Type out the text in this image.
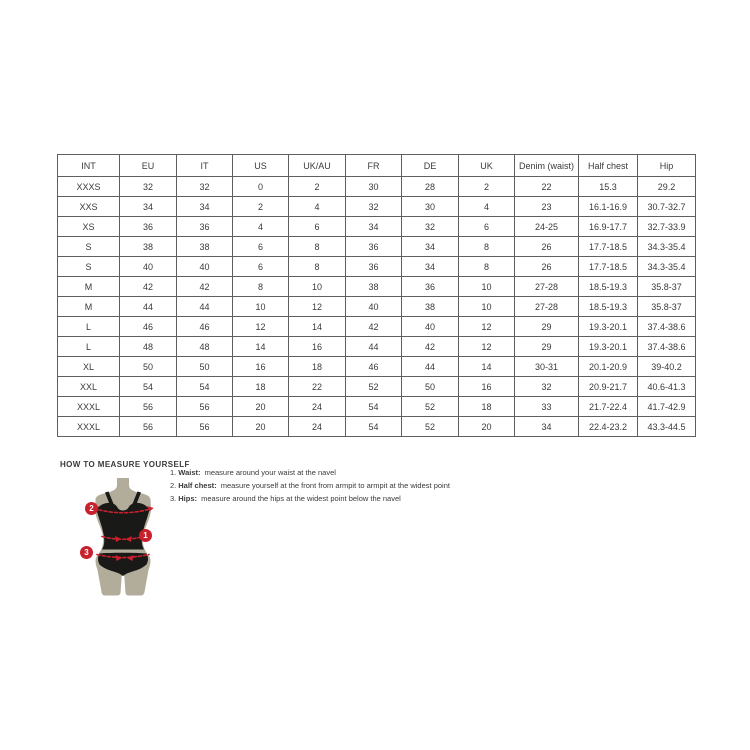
INT	EU	IT	US	UK/AU	FR	DE	UK	Denim (waist)	Half chest	Hip
XXXS	32	32	0	2	30	28	2	22	15.3	29.2
XXS	34	34	2	4	32	30	4	23	16.1-16.9	30.7-32.7
XS	36	36	4	6	34	32	6	24-25	16.9-17.7	32.7-33.9
S	38	38	6	8	36	34	8	26	17.7-18.5	34.3-35.4
S	40	40	6	8	36	34	8	26	17.7-18.5	34.3-35.4
M	42	42	8	10	38	36	10	27-28	18.5-19.3	35.8-37
M	44	44	10	12	40	38	10	27-28	18.5-19.3	35.8-37
L	46	46	12	14	42	40	12	29	19.3-20.1	37.4-38.6
L	48	48	14	16	44	42	12	29	19.3-20.1	37.4-38.6
XL	50	50	16	18	46	44	14	30-31	20.1-20.9	39-40.2
XXL	54	54	18	22	52	50	16	32	20.9-21.7	40.6-41.3
XXXL	56	56	20	24	54	52	18	33	21.7-22.4	41.7-42.9
XXXL	56	56	20	24	54	52	20	34	22.4-23.2	43.3-44.5
HOW TO MEASURE YOURSELF
2
1
3

1. Waist: measure around your waist at the navel

2. Half chest: measure yourself at the front from armpit to armpit at the widest point

3. Hips: measure around the hips at the widest point below the navel
